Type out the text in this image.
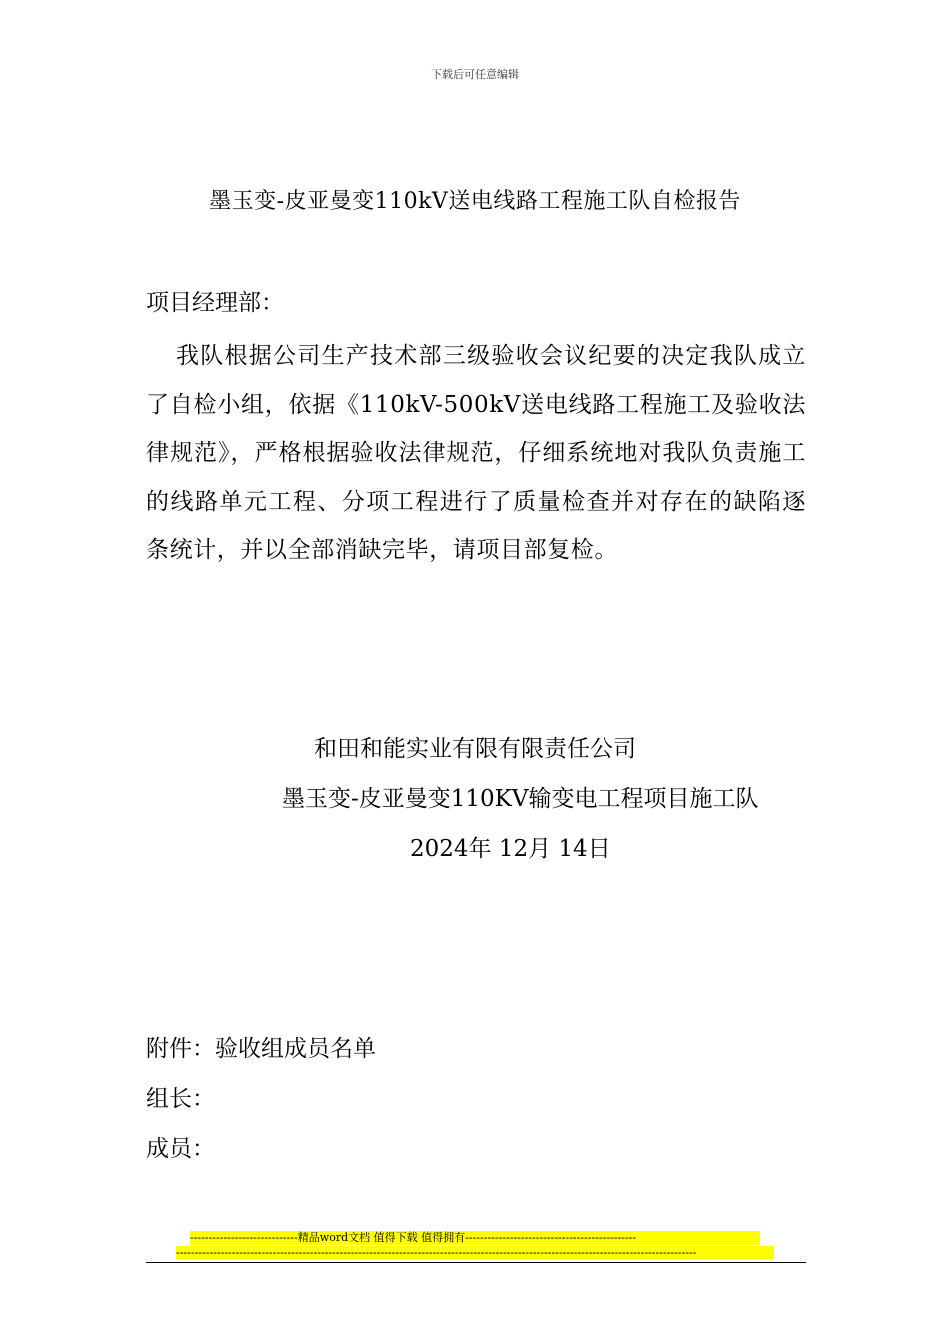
下载后可任意编辑
墨玉变-皮亚曼变110kV送电线路工程施工队自检报告
项目经理部：
我队根据公司生产技术部三级验收会议纪要的决定我队成立了自检小组，依据《110kV-500kV送电线路工程施工及验收法律规范》，严格根据验收法律规范，仔细系统地对我队负责施工的线路单元工程、分项工程进行了质量检查并对存在的缺陷逐条统计，并以全部消缺完毕，请项目部复检。
和田和能实业有限有限责任公司
墨玉变-皮亚曼变110KV输变电工程项目施工队
2024年 12月 14日
附件：验收组成员名单
组长：
成员：
-----------------------------精品word文档 值得下载 值得拥有----------------------------------------------
--------------------------------------------------------------------------------------------------------------------------------------------
